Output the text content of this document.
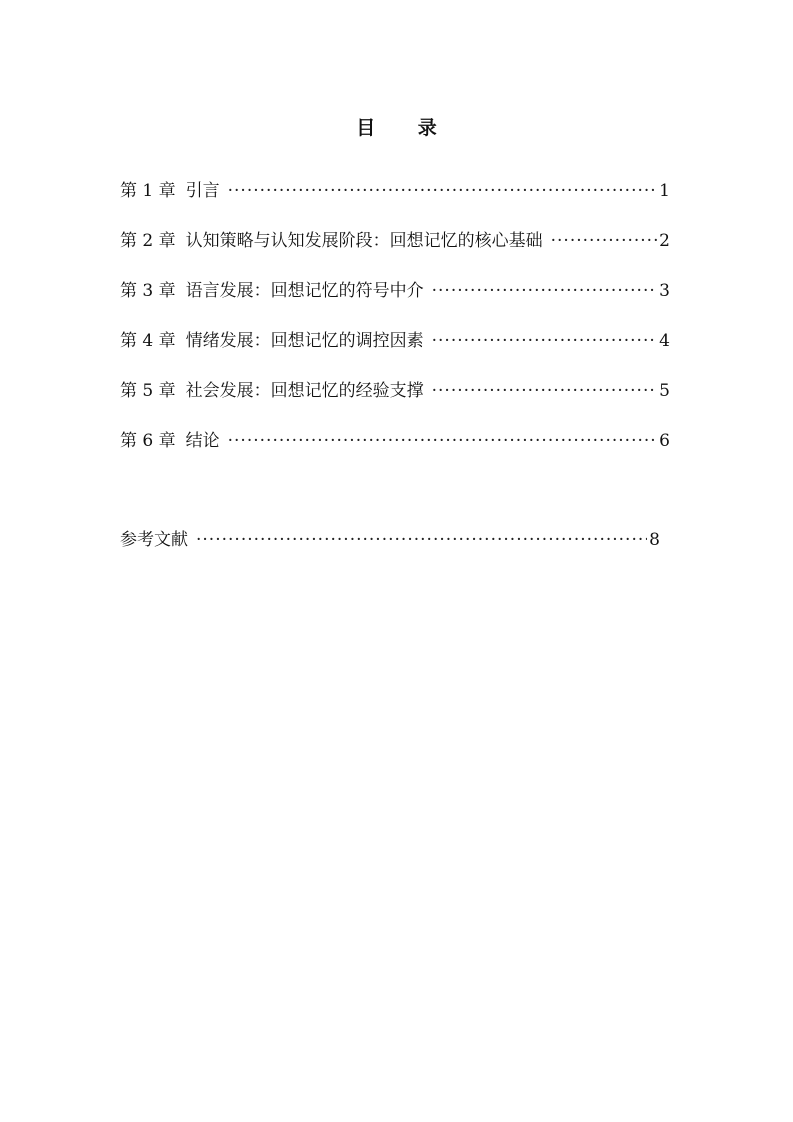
目 录
第 1 章 引言 ·····	1
第 2 章 认知策略与认知发展阶段：回想记忆的核心基础 ·····	2
第 3 章 语言发展：回想记忆的符号中介 ·····	3
第 4 章 情绪发展：回想记忆的调控因素 ·····	4
第 5 章 社会发展：回想记忆的经验支撑 ·····	5
第 6 章 结论 ·····	6
参考文献 ·····	8
